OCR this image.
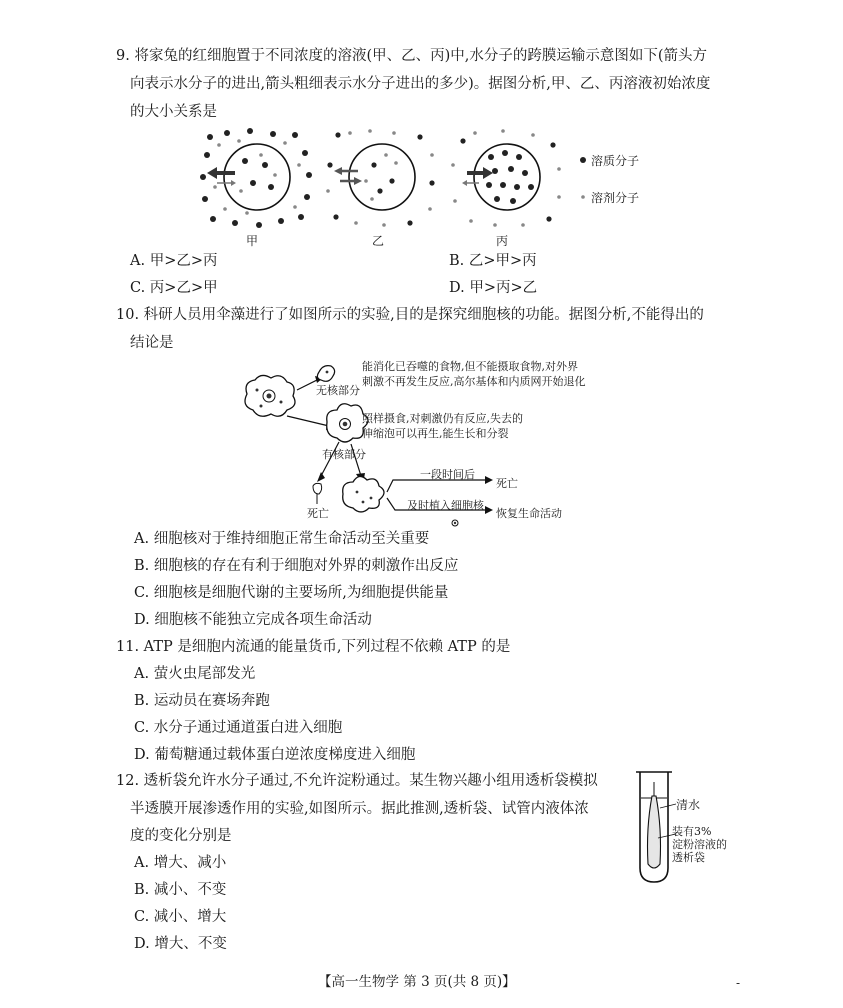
9. 将家兔的红细胞置于不同浓度的溶液(甲、乙、丙)中,水分子的跨膜运输示意图如下(箭头方
向表示水分子的进出,箭头粗细表示水分子进出的多少)。据图分析,甲、乙、丙溶液初始浓度
的大小关系是
甲	乙	丙
溶质分子
溶剂分子
A. 甲>乙>丙	B. 乙>甲>丙
C. 丙>乙>甲	D. 甲>丙>乙
10. 科研人员用伞藻进行了如图所示的实验,目的是探究细胞核的功能。据图分析,不能得出的
结论是
无核部分
能消化已吞噬的食物,但不能摄取食物,对外界
刺激不再发生反应,高尔基体和内质网开始退化
照样摄食,对刺激仍有反应,失去的
伸缩泡可以再生,能生长和分裂
有核部分
一段时间后
死亡
及时植入细胞核
恢复生命活动
死亡
A. 细胞核对于维持细胞正常生命活动至关重要
B. 细胞核的存在有利于细胞对外界的刺激作出反应
C. 细胞核是细胞代谢的主要场所,为细胞提供能量
D. 细胞核不能独立完成各项生命活动
11. ATP 是细胞内流通的能量货币,下列过程不依赖 ATP 的是
A. 萤火虫尾部发光
B. 运动员在赛场奔跑
C. 水分子通过通道蛋白进入细胞
D. 葡萄糖通过载体蛋白逆浓度梯度进入细胞
12. 透析袋允许水分子通过,不允许淀粉通过。某生物兴趣小组用透析袋模拟
半透膜开展渗透作用的实验,如图所示。据此推测,透析袋、试管内液体浓
度的变化分别是
A. 增大、减小
B. 减小、不变
C. 减小、增大
D. 增大、不变
清水
装有3%
淀粉溶液的
透析袋
【高一生物学 第 3 页(共 8 页)】	-
